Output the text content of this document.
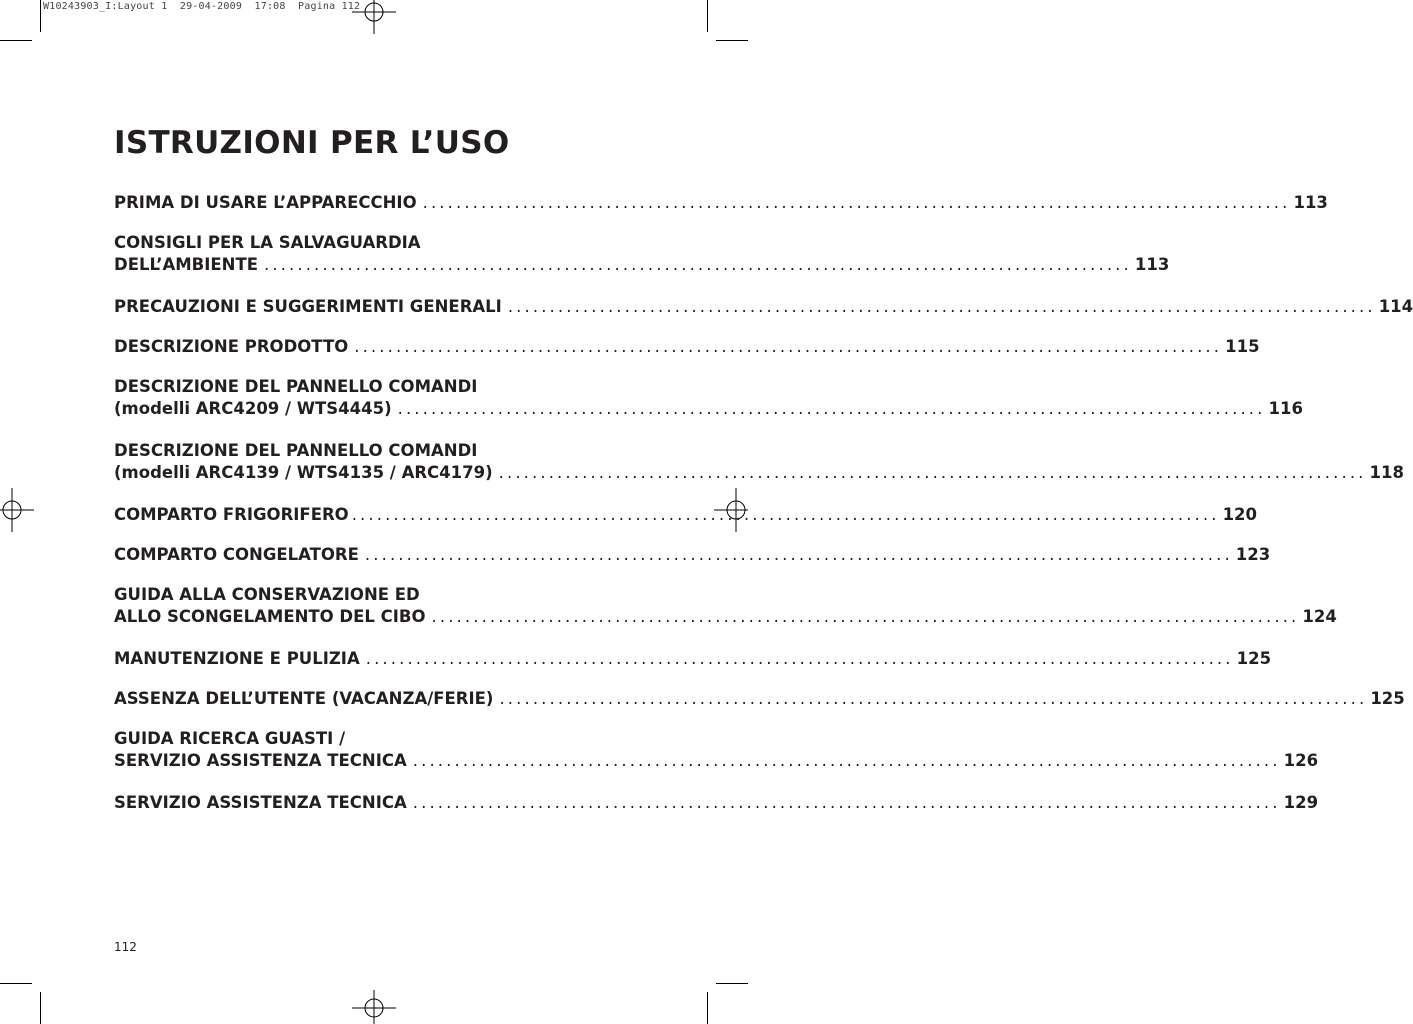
W10243903_I:Layout 1  29-04-2009  17:08  Pagina 112
ISTRUZIONI PER L’USO
PRIMA DI USARE L’APPARECCHIO ........................................................................................................ 113
CONSIGLI PER LA SALVAGUARDIA
DELL’AMBIENTE ........................................................................................................ 113
PRECAUZIONI E SUGGERIMENTI GENERALI ........................................................................................................ 114
DESCRIZIONE PRODOTTO ........................................................................................................ 115
DESCRIZIONE DEL PANNELLO COMANDI
(modelli ARC4209 / WTS4445) ........................................................................................................ 116
DESCRIZIONE DEL PANNELLO COMANDI
(modelli ARC4139 / WTS4135 / ARC4179) ........................................................................................................ 118
COMPARTO FRIGORIFERO ........................................................................................................ 120
COMPARTO CONGELATORE ........................................................................................................ 123
GUIDA ALLA CONSERVAZIONE ED
ALLO SCONGELAMENTO DEL CIBO ........................................................................................................ 124
MANUTENZIONE E PULIZIA ........................................................................................................ 125
ASSENZA DELL’UTENTE (VACANZA/FERIE) ........................................................................................................ 125
GUIDA RICERCA GUASTI /
SERVIZIO ASSISTENZA TECNICA ........................................................................................................ 126
SERVIZIO ASSISTENZA TECNICA ........................................................................................................ 129
112
